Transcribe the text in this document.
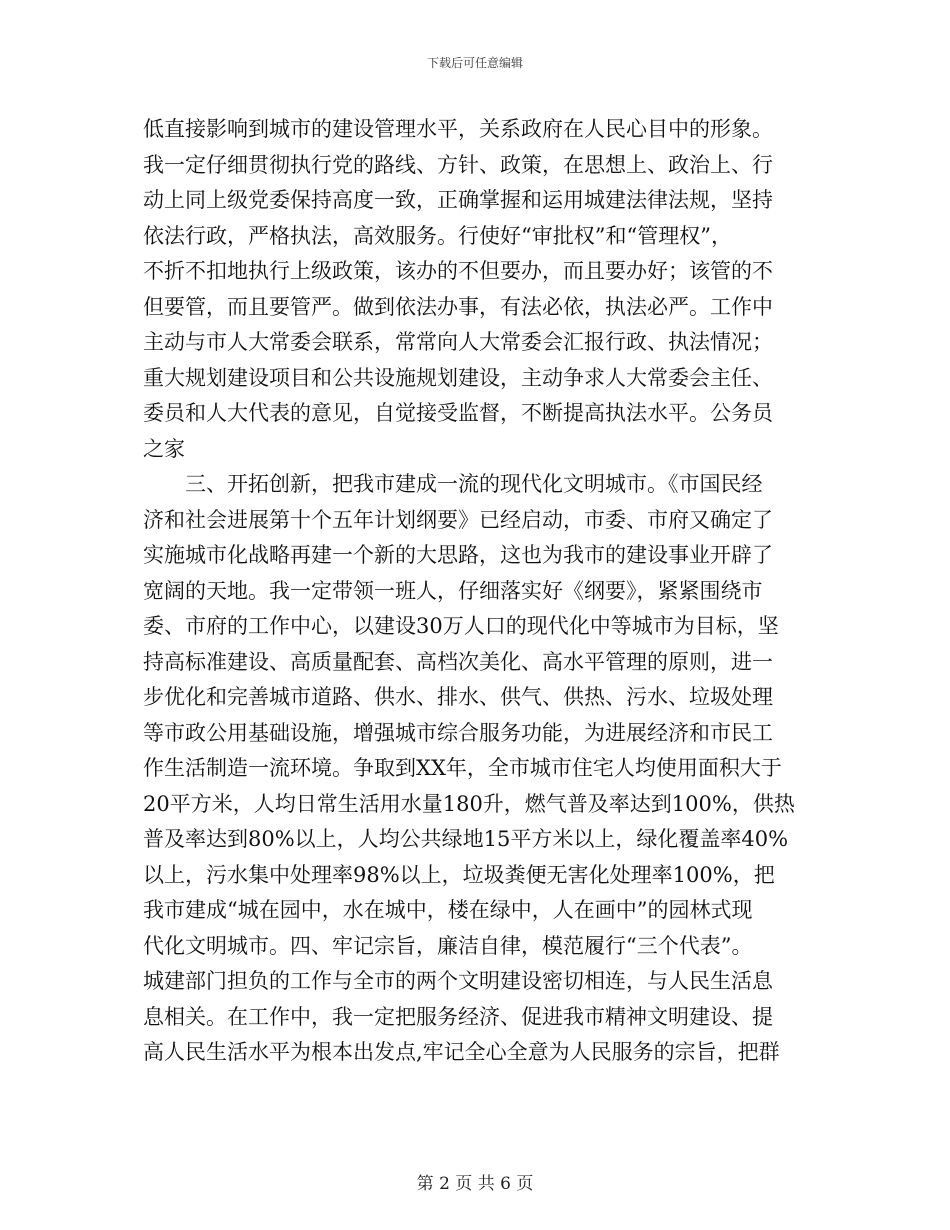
下载后可任意编辑
低直接影响到城市的建设管理水平，关系政府在人民心目中的形象。
我一定仔细贯彻执行党的路线、方针、政策，在思想上、政治上、行
动上同上级党委保持高度一致，正确掌握和运用城建法律法规，坚持
依法行政，严格执法，高效服务。行使好“审批权”和“管理权”，
不折不扣地执行上级政策，该办的不但要办，而且要办好；该管的不
但要管，而且要管严。做到依法办事，有法必依，执法必严。工作中
主动与市人大常委会联系，常常向人大常委会汇报行政、执法情况；
重大规划建设项目和公共设施规划建设，主动争求人大常委会主任、
委员和人大代表的意见，自觉接受监督，不断提高执法水平。公务员
之家
三、开拓创新，把我市建成一流的现代化文明城市。《市国民经
济和社会进展第十个五年计划纲要》已经启动，市委、市府又确定了
实施城市化战略再建一个新的大思路，这也为我市的建设事业开辟了
宽阔的天地。我一定带领一班人，仔细落实好《纲要》，紧紧围绕市
委、市府的工作中心，以建设30万人口的现代化中等城市为目标，坚
持高标准建设、高质量配套、高档次美化、高水平管理的原则，进一
步优化和完善城市道路、供水、排水、供气、供热、污水、垃圾处理
等市政公用基础设施，增强城市综合服务功能，为进展经济和市民工
作生活制造一流环境。争取到XX年，全市城市住宅人均使用面积大于
20平方米，人均日常生活用水量180升，燃气普及率达到100%，供热
普及率达到80%以上，人均公共绿地15平方米以上，绿化覆盖率40%
以上，污水集中处理率98%以上，垃圾粪便无害化处理率100%，把
我市建成“城在园中，水在城中，楼在绿中，人在画中”的园林式现
代化文明城市。四、牢记宗旨，廉洁自律，模范履行“三个代表”。
城建部门担负的工作与全市的两个文明建设密切相连，与人民生活息
息相关。在工作中，我一定把服务经济、促进我市精神文明建设、提
高人民生活水平为根本出发点,牢记全心全意为人民服务的宗旨，把群
第 2 页 共 6 页
